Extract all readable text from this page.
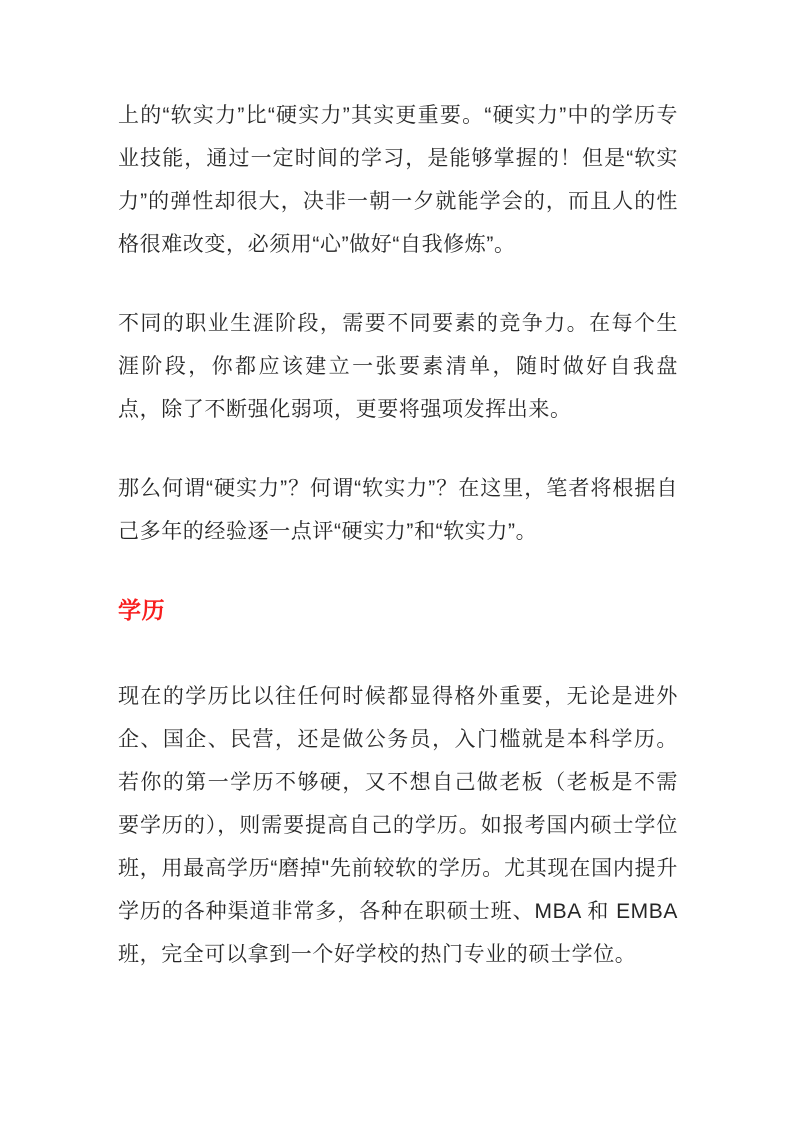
上的“软实力”比“硬实力”其实更重要。“硬实力”中的学历专业技能，通过一定时间的学习，是能够掌握的！但是“软实力”的弹性却很大，决非一朝一夕就能学会的，而且人的性格很难改变，必须用“心”做好“自我修炼”。

不同的职业生涯阶段，需要不同要素的竞争力。在每个生涯阶段，你都应该建立一张要素清单，随时做好自我盘点，除了不断强化弱项，更要将强项发挥出来。

那么何谓“硬实力”？何谓“软实力”？在这里，笔者将根据自己多年的经验逐一点评“硬实力”和“软实力”。

学历

现在的学历比以往任何时候都显得格外重要，无论是进外企、国企、民营，还是做公务员，入门槛就是本科学历。若你的第一学历不够硬，又不想自己做老板（老板是不需要学历的），则需要提高自己的学历。如报考国内硕士学位班，用最高学历“磨掉"先前较软的学历。尤其现在国内提升学历的各种渠道非常多，各种在职硕士班、MBA 和 EMBA 班，完全可以拿到一个好学校的热门专业的硕士学位。
